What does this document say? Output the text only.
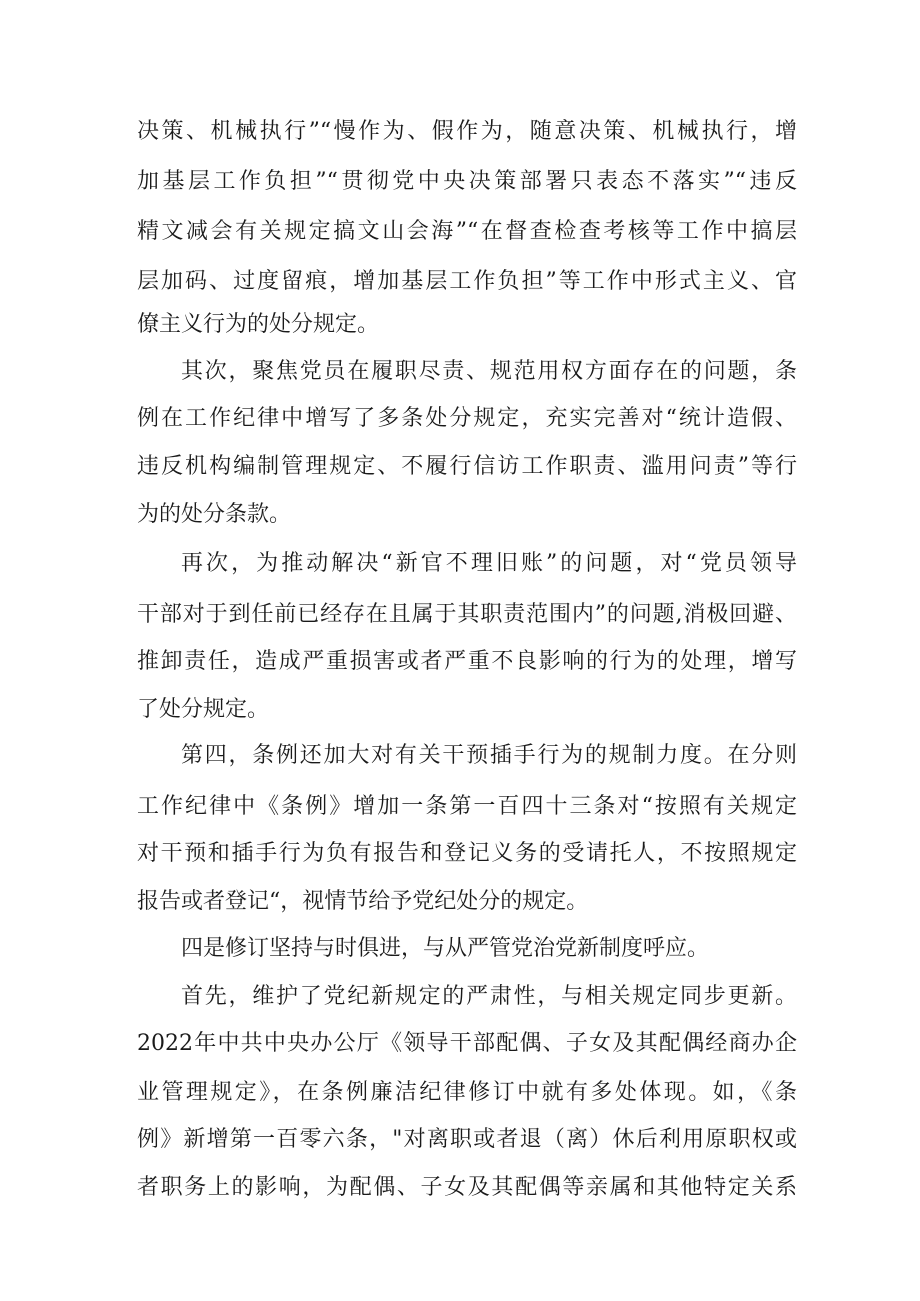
决策、机械执行”“慢作为、假作为，随意决策、机械执行，增
加基层工作负担”“贯彻党中央决策部署只表态不落实”“违反
精文减会有关规定搞文山会海”“在督查检查考核等工作中搞层
层加码、过度留痕，增加基层工作负担”等工作中形式主义、官
僚主义行为的处分规定。
其次，聚焦党员在履职尽责、规范用权方面存在的问题，条
例在工作纪律中增写了多条处分规定，充实完善对“统计造假、
违反机构编制管理规定、不履行信访工作职责、滥用问责”等行
为的处分条款。
再次，为推动解决“新官不理旧账”的问题，对“党员领导
干部对于到任前已经存在且属于其职责范围内”的问题,消极回避、
推卸责任，造成严重损害或者严重不良影响的行为的处理，增写
了处分规定。
第四，条例还加大对有关干预插手行为的规制力度。在分则
工作纪律中《条例》增加一条第一百四十三条对“按照有关规定
对干预和插手行为负有报告和登记义务的受请托人，不按照规定
报告或者登记“，视情节给予党纪处分的规定。
四是修订坚持与时俱进，与从严管党治党新制度呼应。
首先，维护了党纪新规定的严肃性，与相关规定同步更新。
2022年中共中央办公厅《领导干部配偶、子女及其配偶经商办企
业管理规定》，在条例廉洁纪律修订中就有多处体现。如，《条
例》新增第一百零六条，"对离职或者退（离）休后利用原职权或
者职务上的影响，为配偶、子女及其配偶等亲属和其他特定关系
